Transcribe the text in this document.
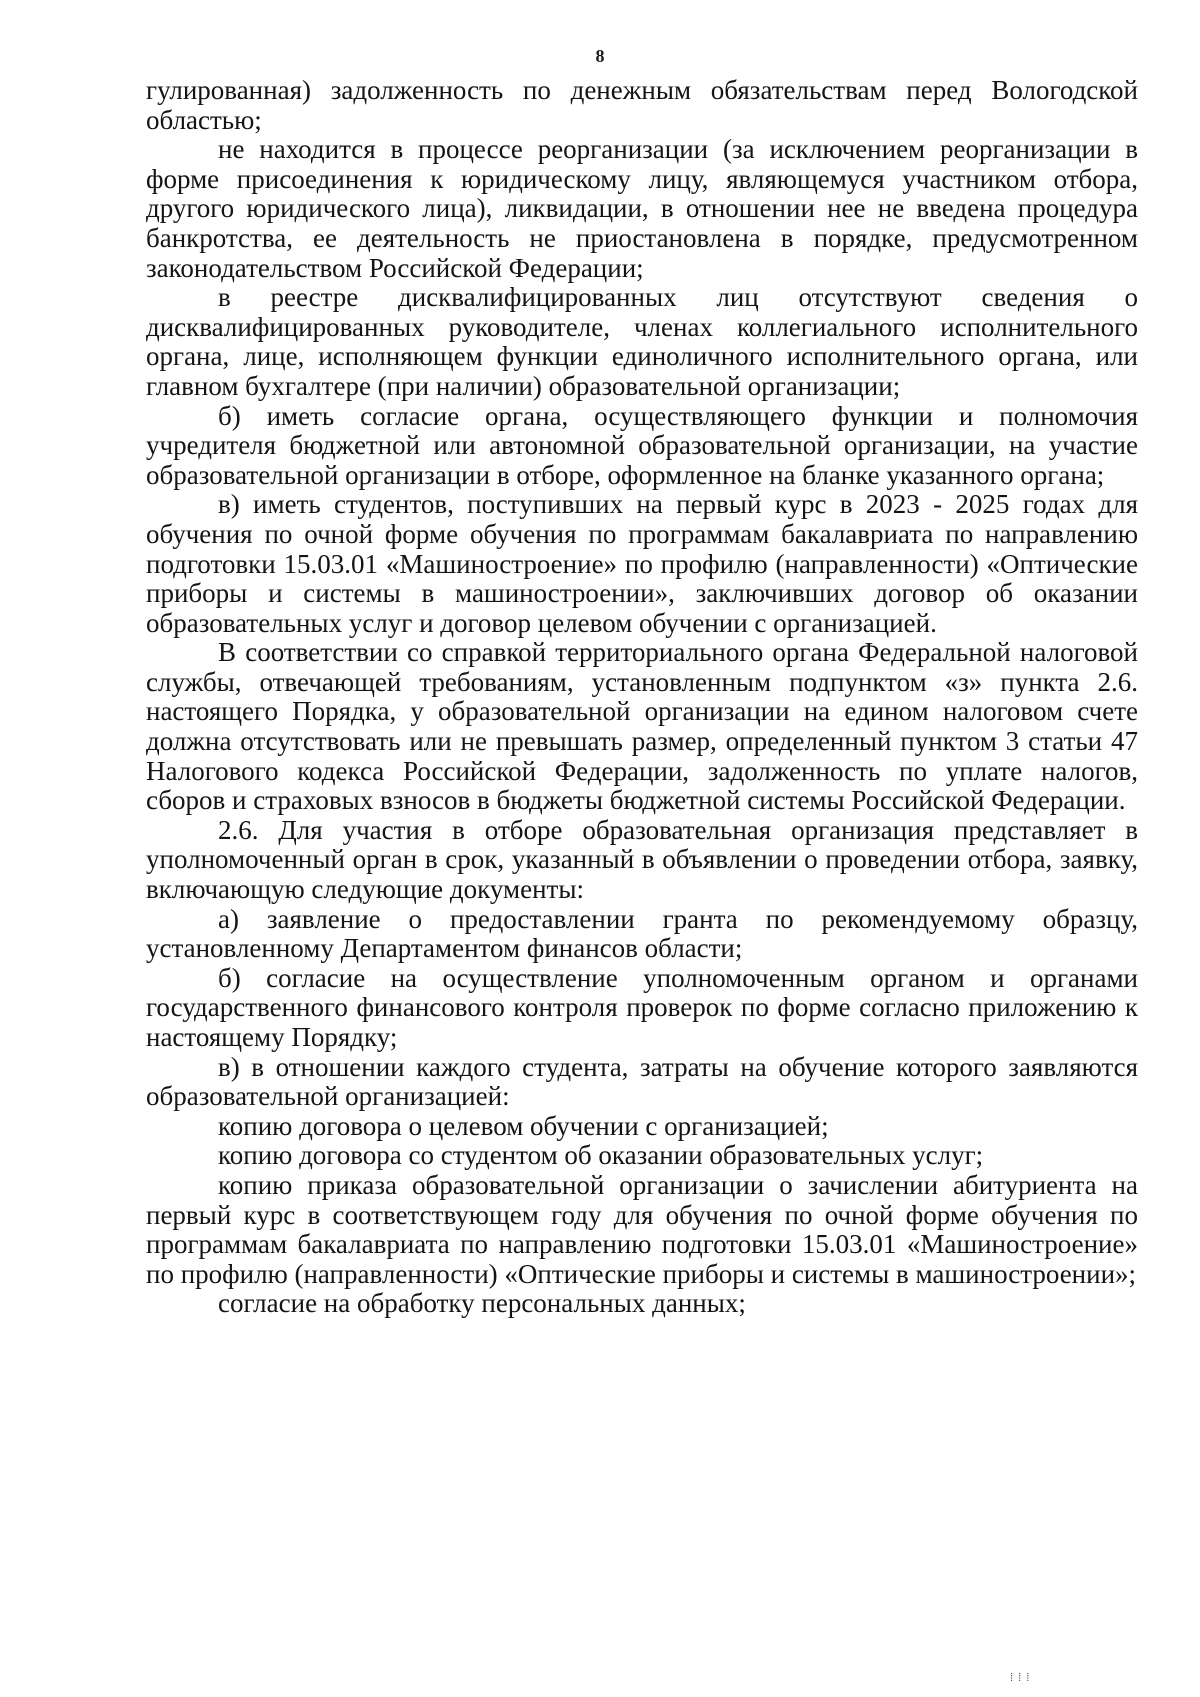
8

гулированная) задолженность по денежным обязательствам перед Вологодской областью;

не находится в процессе реорганизации (за исключением реорганизации в форме присоединения к юридическому лицу, являющемуся участником отбора, другого юридического лица), ликвидации, в отношении нее не введена процедура банкротства, ее деятельность не приостановлена в порядке, предусмотренном законодательством Российской Федерации;

в реестре дисквалифицированных лиц отсутствуют сведения о дисквалифицированных руководителе, членах коллегиального исполнительного органа, лице, исполняющем функции единоличного исполнительного органа, или главном бухгалтере (при наличии) образовательной организации;

б) иметь согласие органа, осуществляющего функции и полномочия учредителя бюджетной или автономной образовательной организации, на участие образовательной организации в отборе, оформленное на бланке указанного органа;

в) иметь студентов, поступивших на первый курс в 2023 - 2025 годах для обучения по очной форме обучения по программам бакалавриата по направлению подготовки 15.03.01 «Машиностроение» по профилю (направленности) «Оптические приборы и системы в машиностроении», заключивших договор об оказании образовательных услуг и договор целевом обучении с организацией.

В соответствии со справкой территориального органа Федеральной налоговой службы, отвечающей требованиям, установленным подпунктом «з» пункта 2.6. настоящего Порядка, у образовательной организации на едином налоговом счете должна отсутствовать или не превышать размер, определенный пунктом 3 статьи 47 Налогового кодекса Российской Федерации, задолженность по уплате налогов, сборов и страховых взносов в бюджеты бюджетной системы Российской Федерации.

2.6. Для участия в отборе образовательная организация представляет в уполномоченный орган в срок, указанный в объявлении о проведении отбора, заявку, включающую следующие документы:

а) заявление о предоставлении гранта по рекомендуемому образцу, установленному Департаментом финансов области;

б) согласие на осуществление уполномоченным органом и органами государственного финансового контроля проверок по форме согласно приложению к настоящему Порядку;

в) в отношении каждого студента, затраты на обучение которого заявляются образовательной организацией:

копию договора о целевом обучении с организацией;

копию договора со студентом об оказании образовательных услуг;

копию приказа образовательной организации о зачислении абитуриента на первый курс в соответствующем году для обучения по очной форме обучения по программам бакалавриата по направлению подготовки 15.03.01 «Машиностроение» по профилю (направленности) «Оптические приборы и системы в машиностроении»;

согласие на обработку персональных данных;

⁞ ⁞ ⁞
